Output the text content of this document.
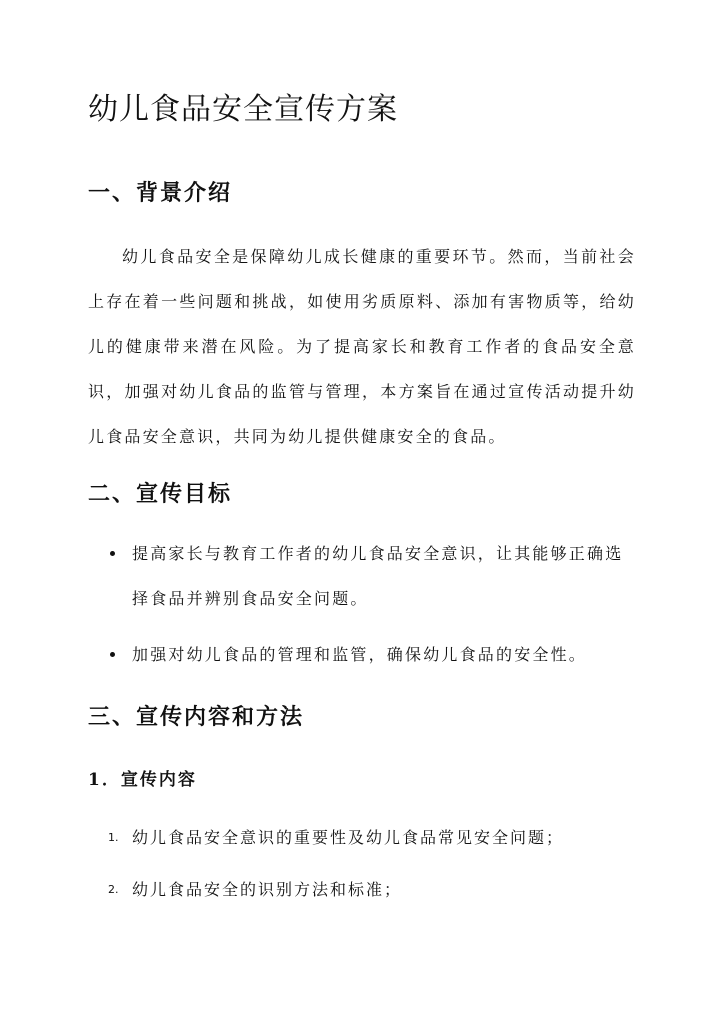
幼儿食品安全宣传方案
一、背景介绍

幼儿食品安全是保障幼儿成长健康的重要环节。然而，当前社会上存在着一些问题和挑战，如使用劣质原料、添加有害物质等，给幼儿的健康带来潜在风险。为了提高家长和教育工作者的食品安全意识，加强对幼儿食品的监管与管理，本方案旨在通过宣传活动提升幼儿食品安全意识，共同为幼儿提供健康安全的食品。

二、宣传目标
提高家长与教育工作者的幼儿食品安全意识，让其能够正确选择食品并辨别食品安全问题。
加强对幼儿食品的管理和监管，确保幼儿食品的安全性。
三、宣传内容和方法
1．宣传内容
1. 幼儿食品安全意识的重要性及幼儿食品常见安全问题；
2. 幼儿食品安全的识别方法和标准；
